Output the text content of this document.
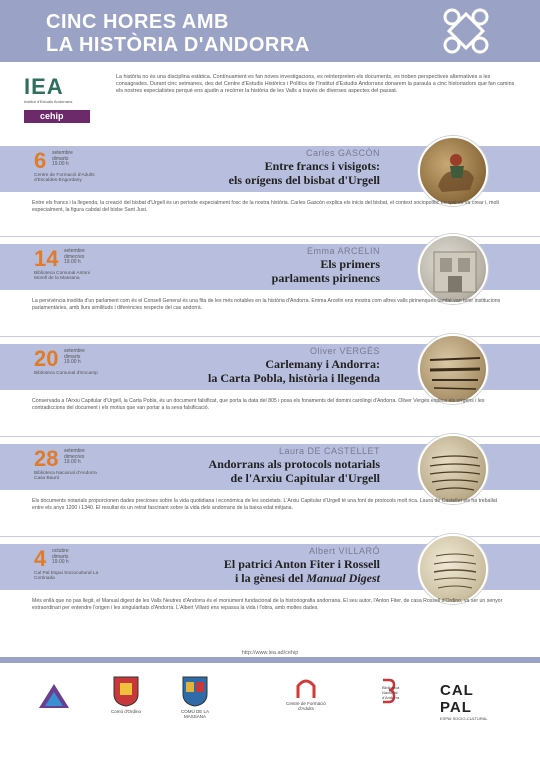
CINC HORES AMB
LA HISTÒRIA D'ANDORRA
IEA
Institut d'Estudis Andorrans
cehip

La història no és una disciplina estàtica. Contínuament es fan noves investigacions, es reinterpreten els documents, es troben perspectives alternatives a les consagrades. Durant cinc setmanes, des del Centre d'Estudis Històrics i Polítics de l'Institut d'Estudis Andorrans donarem la paraula a cinc historiadors que fan camins els nostres especialistes perquè ens ajudin a recórrer la història de les Valls a través de diverses aspectes del passat.

6 setembre
dimarts
19.00 h
Centre de Formació d'Adults d'Escaldes-Engordany
Carles GASCÓN
Entre francs i visigots:
els orígens del bisbat d'Urgell
Entre els francs i la llegenda, la creació del bisbat d'Urgell és un període especialment fosc de la nostra història. Carles Gascón explica els inicis del bisbat, el context sociopolític en què es va crear i, molt especialment, la figura cabdal del bisbe Sant Just.
14 setembre
dimecres
19.00 h
Biblioteca Comunal Antoni Morell de la Massana
Emma ARCELIN
Els primers
parlaments pirinencs
La pervivència insòlita d'un parlament com és el Consell General és una fita de les més notables en la història d'Andorra. Emma Arcelin ens mostra com altres valls pirinenques també van tenir institucions parlamentàries, amb llurs similituds i diferències respecte del cas andorrà.
20 setembre
dimarts
19.00 h
Biblioteca Comunal d'Encamp
Oliver VERGÉS
Carlemany i Andorra:
la Carta Pobla, història i llegenda
Conservada a l'Arxiu Capitular d'Urgell, la Carta Pobla, és un document falsificat, que porta la data del 805 i posa els fonaments del domini carolingi d'Andorra. Oliver Vergés explica els orígens i les contradiccions del document i els motius que van portar a la seva falsificació.
28 setembre
dimecres
19.00 h
Biblioteca Nacional d'Andorra Casa Bauró
Laura DE CASTELLET
Andorrans als protocols notarials
de l'Arxiu Capitular d'Urgell
Els documents notarials proporcionen dades precioses sobre la vida quotidiana i econòmica de les societats. L'Arxiu Capitular d'Urgell té una font de protocols molt rica. Laura de Castellet els ha treballat entre els anys 1200 i 1340. El resultat és un retrat fascinant sobre la vida dels andorrans de la baixa edat mitjana.
4 octubre
dimarts
19.00 h
Cal Pal Espai Sociocultural La Cortinada
Albert VILLARÓ
El patrici Anton Fiter i Rossell
i la gènesi del Manual Digest
Més enllà que no pas llegit, el Manual digest de les Valls Neutres d'Andorra és el monument fundacional de la historiografia andorrana. El seu autor, l'Anton Fiter, de casa Rossell d'Ordino, va ser un senyor extraordinari per entendre l'origen i les singularitats d'Andorra. L'Albert Villaró ens repassa la vida i l'obra, amb moltes dades.
http://www.iea.ad/cehip
Comú d'Ordino	COMÚ DE LA MASSANA
Centre de Formació d'Adults
Biblioteca Nacional d'Andorra	CAL PAL
ESPAI SOCIO-CULTURAL
